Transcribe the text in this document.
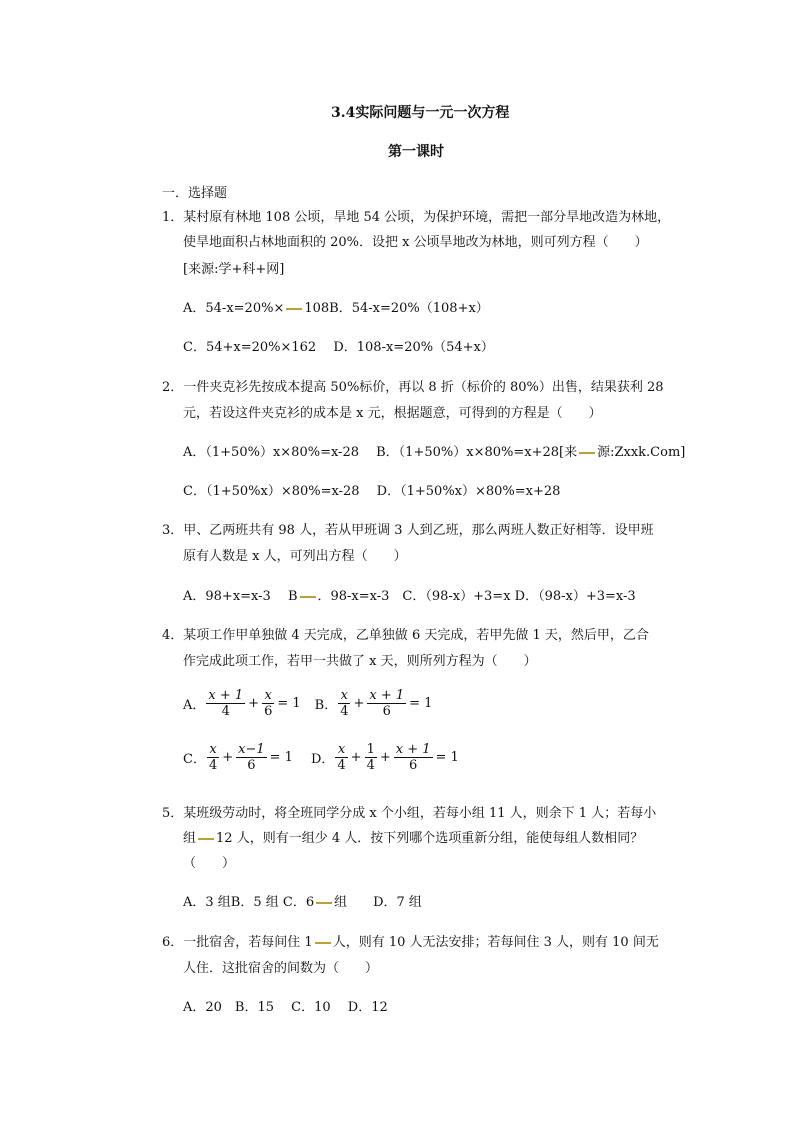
3.4实际问题与一元一次方程
第一课时
一．选择题
1．某村原有林地 108 公顷，旱地 54 公顷，为保护环境，需把一部分旱地改造为林地，
使旱地面积占林地面积的 20%．设把 x 公顷旱地改为林地，则可列方程（　　）
[来源:学+科+网]
A．54-x=20%× 108B．54-x=20%（108+x）
C．54+x=20%×162　 D．108-x=20%（54+x）
2．一件夹克衫先按成本提高 50%标价，再以 8 折（标价的 80%）出售，结果获利 28
元，若设这件夹克衫的成本是 x 元，根据题意，可得到的方程是（　　）
A．（1+50%）x×80%=x-28　 B．（1+50%）x×80%=x+28[来 源:Zxxk.Com]
C．（1+50%x）×80%=x-28　 D．（1+50%x）×80%=x+28
3．甲、乙两班共有 98 人，若从甲班调 3 人到乙班，那么两班人数正好相等．设甲班
原有人数是 x 人，可列出方程（　　）
A．98+x=x-3　 B ．98-x=x-3　C．（98-x）+3=x D．（98-x）+3=x-3
4．某项工作甲单独做 4 天完成，乙单独做 6 天完成，若甲先做 1 天，然后甲，乙合
作完成此项工作，若甲一共做了 x 天，则所列方程为（　　）
A． $\frac{x + 1}{4} + \frac{x}{6} = 1$ B． $\frac{x}{4} + \frac{x + 1}{6} = 1$
C． $\frac{x}{4} + \frac{x-1}{6} = 1$ D． $\frac{x}{4} + \frac{1}{4} + \frac{x + 1}{6} = 1$
5．某班级劳动时，将全班同学分成 x 个小组，若每小组 11 人，则余下 1 人；若每小
组 12 人，则有一组少 4 人．按下列哪个选项重新分组，能使每组人数相同？
（　　）
A．3 组B．5 组 C．6 组　　D．7 组
6．一批宿舍，若每间住 1 人，则有 10 人无法安排；若每间住 3 人，则有 10 间无
人住．这批宿舍的间数为（　　）
A．20　B．15　 C．10　 D．12
